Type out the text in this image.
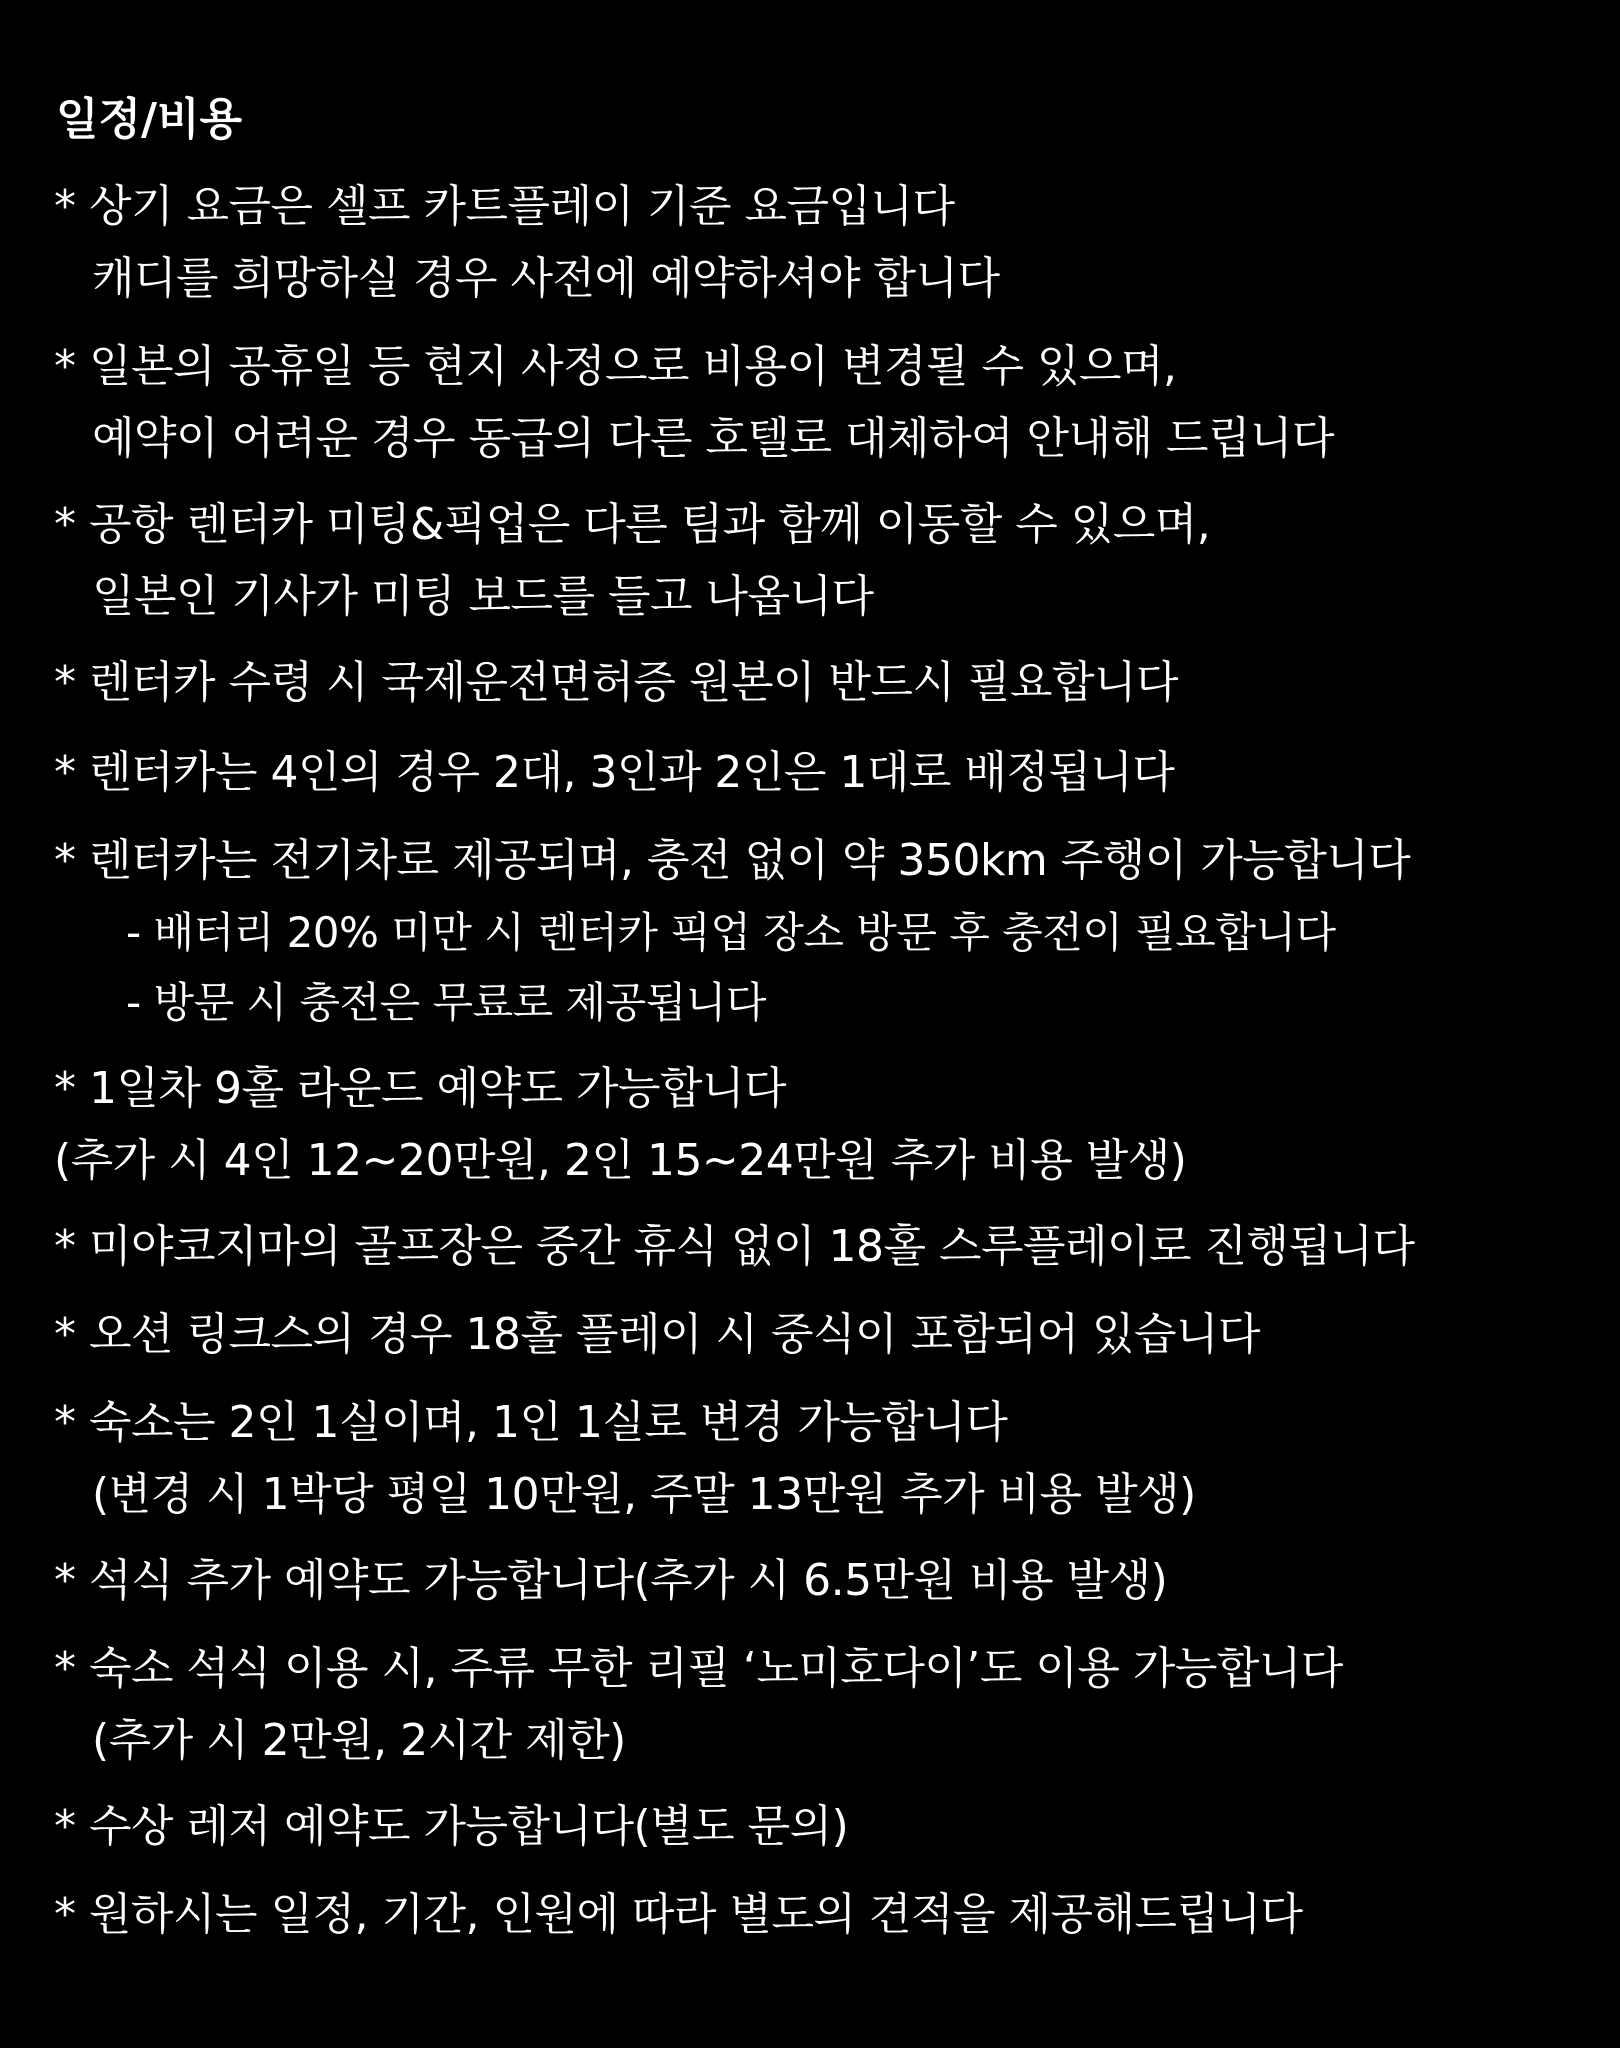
일정/비용
* 상기 요금은 셀프 카트플레이 기준 요금입니다
캐디를 희망하실 경우 사전에 예약하셔야 합니다
* 일본의 공휴일 등 현지 사정으로 비용이 변경될 수 있으며,
예약이 어려운 경우 동급의 다른 호텔로 대체하여 안내해 드립니다
* 공항 렌터카 미팅&픽업은 다른 팀과 함께 이동할 수 있으며,
일본인 기사가 미팅 보드를 들고 나옵니다
* 렌터카 수령 시 국제운전면허증 원본이 반드시 필요합니다
* 렌터카는 4인의 경우 2대, 3인과 2인은 1대로 배정됩니다
* 렌터카는 전기차로 제공되며, 충전 없이 약 350km 주행이 가능합니다
- 배터리 20% 미만 시 렌터카 픽업 장소 방문 후 충전이 필요합니다
- 방문 시 충전은 무료로 제공됩니다
* 1일차 9홀 라운드 예약도 가능합니다
(추가 시 4인 12~20만원, 2인 15~24만원 추가 비용 발생)
* 미야코지마의 골프장은 중간 휴식 없이 18홀 스루플레이로 진행됩니다
* 오션 링크스의 경우 18홀 플레이 시 중식이 포함되어 있습니다
* 숙소는 2인 1실이며, 1인 1실로 변경 가능합니다
(변경 시 1박당 평일 10만원, 주말 13만원 추가 비용 발생)
* 석식 추가 예약도 가능합니다(추가 시 6.5만원 비용 발생)
* 숙소 석식 이용 시, 주류 무한 리필 ‘노미호다이’도 이용 가능합니다
(추가 시 2만원, 2시간 제한)
* 수상 레저 예약도 가능합니다(별도 문의)
* 원하시는 일정, 기간, 인원에 따라 별도의 견적을 제공해드립니다
